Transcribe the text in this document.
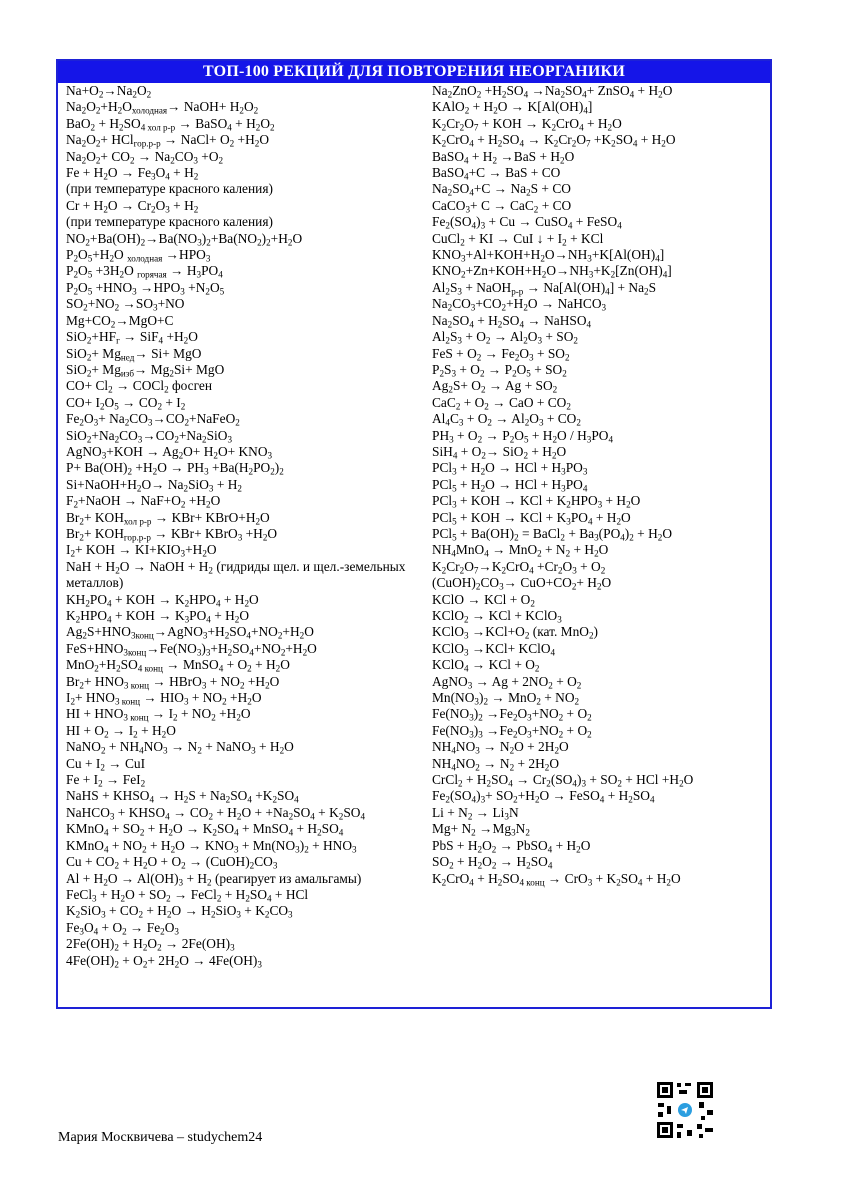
ТОП-100 РЕКЦИЙ ДЛЯ ПОВТОРЕНИЯ НЕОРГАНИКИ
$Na+O_2\to Na_2O_2$
$Na_2O_2+H_2O_{холодная}\to$ NaOH+ $H_2O_2$
$BaO_2 + H_2SO_{4 хол р-р}$ → BaSO$_4$ + $H_2O_2$
$Na_2O_2+ HCl_{гор.р-р}$ → NaCl+ $O_2 +H_2O$
$Na_2O_2+ CO_2 \to Na_2CO_3 +O_2$
$Fe + H_2O \to Fe_3O_4 + H_2$
(при температуре красного каления)
$Cr + H_2O \to Cr_2O_3 + H_2$
(при температуре красного каления)
$NO_2+Ba(OH)_2\to Ba(NO_3)_2+Ba(NO_2)_2+H_2O$
$P_2O_5+H_2O$ $_{холодная} \to HPO_3$
$P_2O_5 +3H_2O$ $_{горячая} \to H_3PO_4$
$P_2O_5 +HNO_3 \to HPO_3 +N_2O_5$
$SO_2+NO_2 \to SO_3+NO$
$Mg+CO_2\to MgO+C$
$SiO_2+HF_г \to SiF_4 +H_2O$
$SiO_2+ Mg_{нед}\to Si+$ MgO
$SiO_2+ Mg_{изб}\to Mg_2Si+$ MgO
$CO+ Cl_2$ → COCl$_2$ фосген
$CO+ I_2O_5 \to CO_2 + I_2$
$Fe_2O_3+$ $Na_2CO_3\to CO_2+NaFeO_2$
$SiO_2+Na_2CO_3\to CO_2+Na_2SiO_3$
AgNO$_3$+KOH → $Ag_2O+ H_2O+ KNO_3$
$P+ Ba(OH)_2 +H_2O \to PH_3 +Ba(H_2PO_2)_2$
$Si+NaOH+H_2O\to Na_2SiO_3 + H_2$
$F_2+NaOH \to NaF+O_2 +H_2O$
$Br_2+ KOH_{хол р-р} \to KBr+$ $KBrO+H_2O$
$Br_2+ KOH_{гор.р-р} \to KBr+$ KBrO$_3$ $+H_2O$
$I_2+$ KOH → $KI+KIO_3+H_2O$
NaH + $H_2O$ → NaOH + $H_2$ (гидриды щел. и щел.-земельных металлов)
$KH_2PO_4$ + KOH → $K_2HPO_4 + H_2O$
$K_2HPO_4$ + KOH → $K_3PO_4 + H_2O$
$Ag_2S+HNO_{3конц}\to AgNO_3+H_2SO_4+NO_2+H_2O$
$FeS+HNO_{3конц}\to Fe(NO_3)_3+H_2SO_4+NO_2+H_2O$
$MnO_2+H_2SO_{4 конц}$ → MnSO$_4$ + $O_2 + H_2O$
$Br_2+ HNO_{3 конц}$ → HBrO$_3$ + $NO_2 +H_2O$
$I_2+ HNO_{3 конц} \to HIO_3 + NO_2 +H_2O$
HI + $HNO_{3 конц} \to I_2 + NO_2 +H_2O$
HI + $O_2 \to I_2 + H_2O$
NaNO$_2$ + $NH_4NO_3 \to N_2$ + NaNO$_3$ + $H_2O$
$Cu + I_2$ → CuI
$Fe + I_2 \to FeI_2$
NaHS + $KHSO_4 \to H_2S + Na_2SO_4 +K_2SO_4$
NaHCO$_3$ + $KHSO_4 \to CO_2 + H_2O + +Na_2SO_4 + K_2SO_4$
KMnO$_4$ + $SO_2 + H_2O \to K_2SO_4$ + MnSO$_4$ + $H_2SO_4$
KMnO$_4$ + $NO_2 + H_2O \to KNO_3 + Mn(NO_3)_2 + HNO_3$
$Cu + CO_2 + H_2O + O_2$ → $(CuOH)_2CO_3$
$Al + H_2O \to Al(OH)_3 + H_2$ (реагирует из амальгамы)
FeCl$_3$ + $H_2O + SO_2$ → FeCl$_2$ + $H_2SO_4$ + HCl
$K_2SiO_3 + CO_2 + H_2O \to H_2SiO_3 + K_2CO_3$
$Fe_3O_4 + O_2 \to Fe_2O_3$
$2Fe(OH)_2 + H_2O_2 \to 2Fe(OH)_3$
$4Fe(OH)_2 + O_2+ 2H_2O \to 4Fe(OH)_3$
$Na_2ZnO_2 +H_2SO_4 \to Na_2SO_4+$ ZnSO$_4$ + $H_2O$
KAlO$_2$ + $H_2O \to K[Al(OH)_4]$
$K_2Cr_2O_7$ + KOH → $K_2CrO_4 + H_2O$
$K_2CrO_4 + H_2SO_4 \to K_2Cr_2O_7 +K_2SO_4 + H_2O$
BaSO$_4$ + $H_2 \to BaS + H_2O$
BaSO$_4$+C → BaS + CO
$Na_2SO_4+C \to Na_2S$ + CO
CaCO$_3$+ C → CaC$_2$ + CO
$Fe_2(SO_4)_3 + Cu$ → CuSO$_4$ + FeSO$_4$
CuCl$_2$ + KI → CuI ↓ + $I_2$ + KCl
$KNO_3+Al+KOH+H_2O\to NH_3+K[Al(OH)_4]$
$KNO_2+Zn+KOH+H_2O\to NH_3+K_2[Zn(OH)_4]$
$Al_2S_3$ + NaOH$_{р-р}$ → $Na[Al(OH)_4] + Na_2S$
$Na_2CO_3+CO_2+H_2O$ → NaHCO$_3$
$Na_2SO_4 + H_2SO_4$ → NaHSO$_4$
$Al_2S_3 + O_2 \to Al_2O_3 + SO_2$
FeS + $O_2 \to Fe_2O_3 + SO_2$
$P_2S_3 + O_2 \to P_2O_5 + SO_2$
$Ag_2S+ O_2 \to Ag + SO_2$
$CaC_2 + O_2$ → CaO + $CO_2$
$Al_4C_3 + O_2 \to Al_2O_3 + CO_2$
$PH_3 + O_2 \to P_2O_5 + H_2O / H_3PO_4$
$SiH_4 + O_2\to SiO_2 + H_2O$
$PCl_3 + H_2O$ → HCl + $H_3PO_3$
$PCl_5 + H_2O$ → HCl + $H_3PO_4$
PCl$_3$ + KOH → KCl + $K_2HPO_3 + H_2O$
PCl$_5$ + KOH → KCl + $K_3PO_4 + H_2O$
$PCl_5 + Ba(OH)_2$ = BaCl$_2$ + $Ba_3(PO_4)_2 + H_2O$
$NH_4MnO_4 \to MnO_2 + N_2 + H_2O$
$K_2Cr_2O_7\to K_2CrO_4 +Cr_2O_3 + O_2$
$(CuOH)_2CO_3\to CuO+CO_2+ H_2O$
KClO → KCl + $O_2$
KClO$_2$ → KCl + KClO$_3$
KClO$_3$ $\to KCl+O_2$ (кат. MnO$_2$)
KClO$_3$ →KCl+ KClO$_4$
KClO$_4$ → KCl + $O_2$
AgNO$_3$ → $Ag + 2NO_2 + O_2$
$Mn(NO_3)_2 \to MnO_2 + NO_2$
$Fe(NO_3)_2 \to Fe_2O_3+NO_2 + O_2$
$Fe(NO_3)_3 \to Fe_2O_3+NO_2 + O_2$
$NH_4NO_3 \to N_2O + 2H_2O$
$NH_4NO_2 \to N_2 + 2H_2O$
CrCl$_2$ + $H_2SO_4 \to Cr_2(SO_4)_3 + SO_2$ + HCl $+H_2O$
$Fe_2(SO_4)_3+ SO_2+H_2O$ → FeSO$_4$ + $H_2SO_4$
$Li + N_2 \to Li_3N$
$Mg+ N_2 \to Mg_3N_2$
PbS + $H_2O_2$ → PbSO$_4$ + $H_2O$
$SO_2 + H_2O_2 \to H_2SO_4$
$K_2CrO_4 + H_2SO_{4 конц} \to CrO_3 + K_2SO_4 + H_2O$
Мария Москвичева – studychem24
